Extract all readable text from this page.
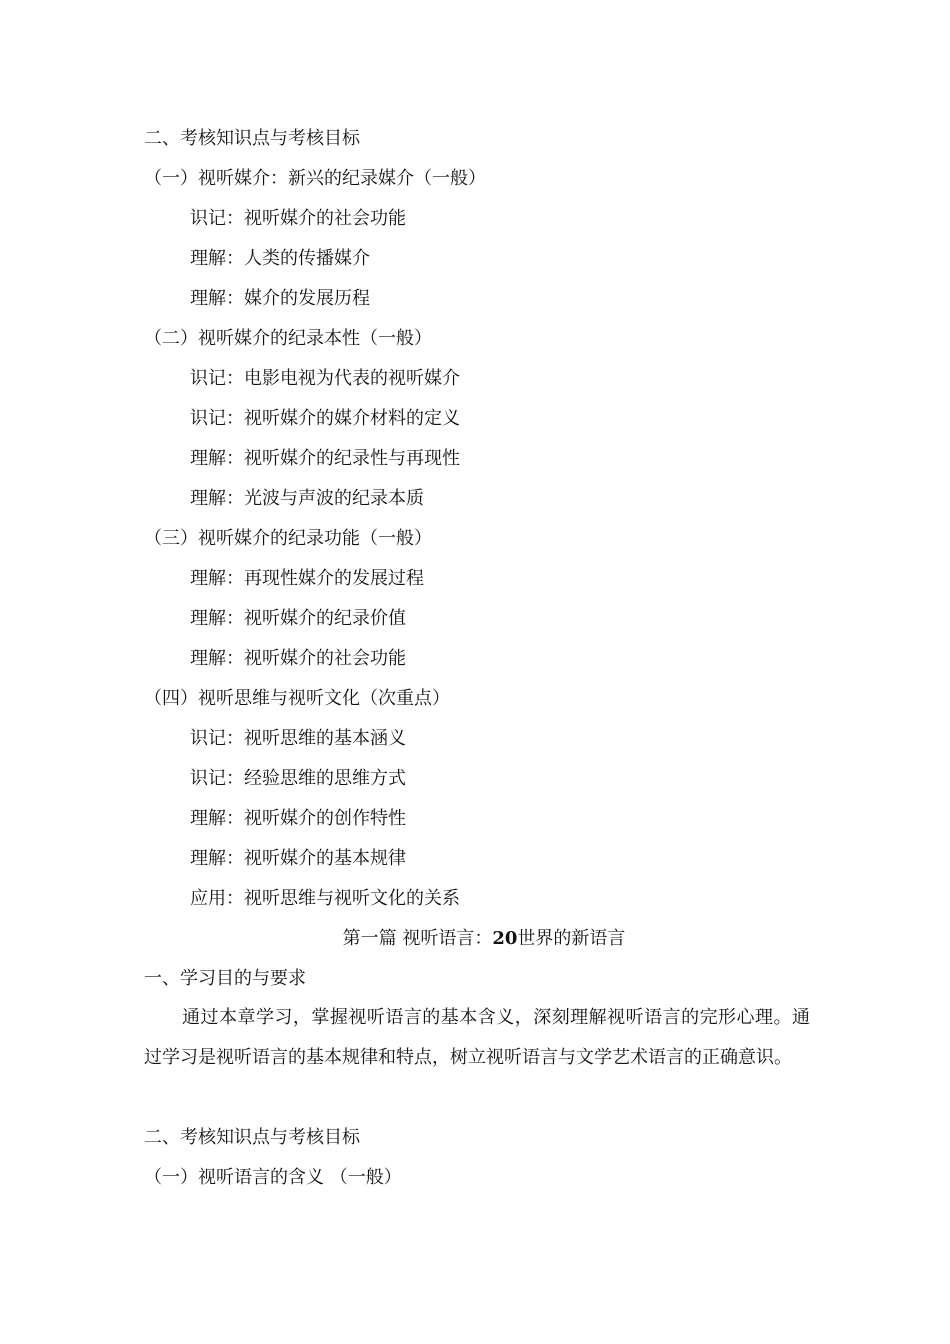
二、考核知识点与考核目标
（一）视听媒介：新兴的纪录媒介（一般）
识记：视听媒介的社会功能
理解：人类的传播媒介
理解：媒介的发展历程
（二）视听媒介的纪录本性（一般）
识记：电影电视为代表的视听媒介
识记：视听媒介的媒介材料的定义
理解：视听媒介的纪录性与再现性
理解：光波与声波的纪录本质
（三）视听媒介的纪录功能（一般）
理解：再现性媒介的发展过程
理解：视听媒介的纪录价值
理解：视听媒介的社会功能
（四）视听思维与视听文化（次重点）
识记：视听思维的基本涵义
识记：经验思维的思维方式
理解：视听媒介的创作特性
理解：视听媒介的基本规律
应用：视听思维与视听文化的关系
第一篇 视听语言：20世界的新语言
一、学习目的与要求
通过本章学习，掌握视听语言的基本含义，深刻理解视听语言的完形心理。通过学习是视听语言的基本规律和特点，树立视听语言与文学艺术语言的正确意识。
二、考核知识点与考核目标
（一）视听语言的含义 （一般）
